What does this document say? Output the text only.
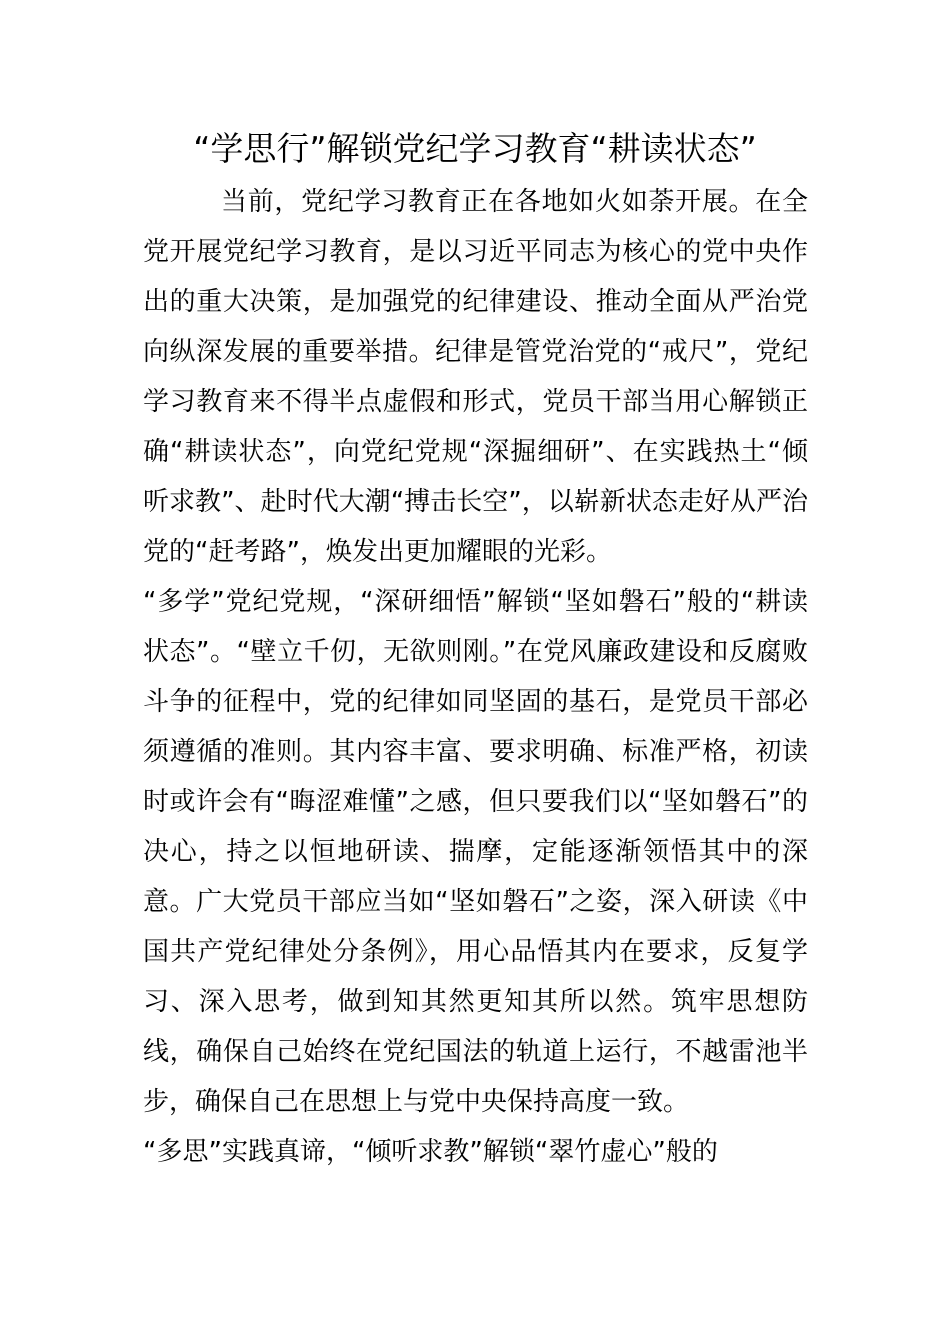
“学思行”解锁党纪学习教育“耕读状态”

当前，党纪学习教育正在各地如火如荼开展。在全党开展党纪学习教育，是以习近平同志为核心的党中央作出的重大决策，是加强党的纪律建设、推动全面从严治党向纵深发展的重要举措。纪律是管党治党的“戒尺”，党纪学习教育来不得半点虚假和形式，党员干部当用心解锁正确“耕读状态”，向党纪党规“深掘细研”、在实践热土“倾听求教”、赴时代大潮“搏击长空”，以崭新状态走好从严治党的“赶考路”，焕发出更加耀眼的光彩。

“多学”党纪党规，“深研细悟”解锁“坚如磐石”般的“耕读状态”。“壁立千仞，无欲则刚。”在党风廉政建设和反腐败斗争的征程中，党的纪律如同坚固的基石，是党员干部必须遵循的准则。其内容丰富、要求明确、标准严格，初读时或许会有“晦涩难懂”之感，但只要我们以“坚如磐石”的决心，持之以恒地研读、揣摩，定能逐渐领悟其中的深意。广大党员干部应当如“坚如磐石”之姿，深入研读《中国共产党纪律处分条例》，用心品悟其内在要求，反复学习、深入思考，做到知其然更知其所以然。筑牢思想防线，确保自己始终在党纪国法的轨道上运行，不越雷池半步，确保自己在思想上与党中央保持高度一致。

“多思”实践真谛，“倾听求教”解锁“翠竹虚心”般的
